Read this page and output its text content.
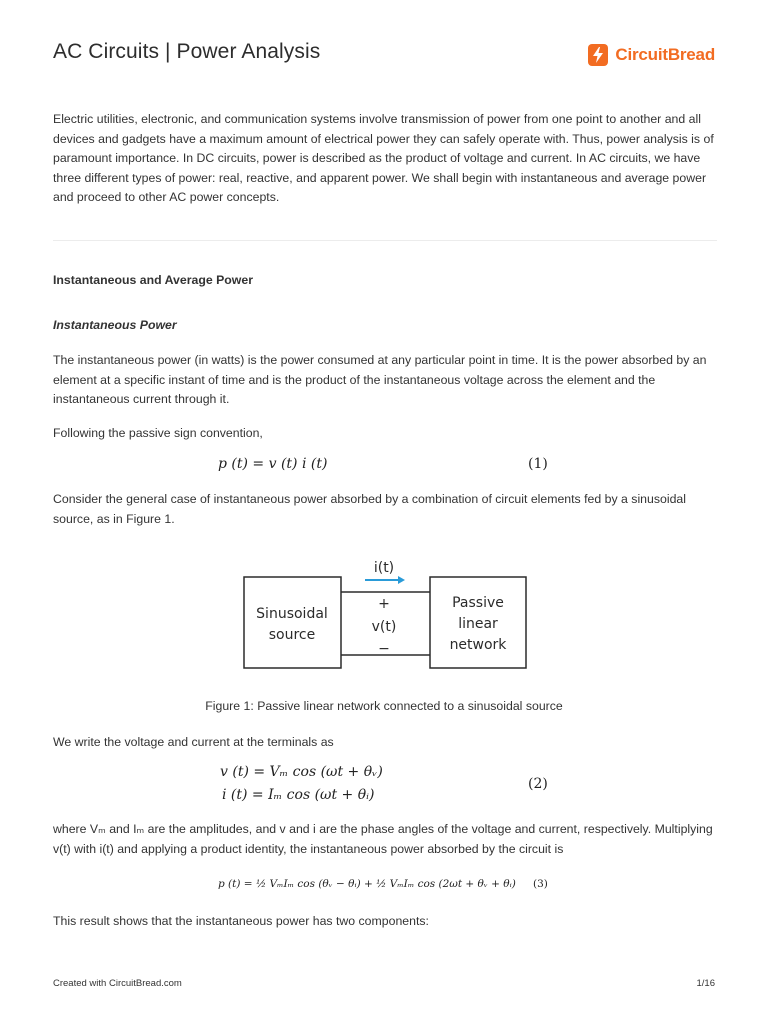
AC Circuits | Power Analysis	CircuitBread

Electric utilities, electronic, and communication systems involve transmission of power from one point to another and all devices and gadgets have a maximum amount of electrical power they can safely operate with. Thus, power analysis is of paramount importance. In DC circuits, power is described as the product of voltage and current. In AC circuits, we have three different types of power: real, reactive, and apparent power. We shall begin with instantaneous and average power and proceed to other AC power concepts.

Instantaneous and Average Power
Instantaneous Power

The instantaneous power (in watts) is the power consumed at any particular point in time. It is the power absorbed by an element at a specific instant of time and is the product of the instantaneous voltage across the element and the instantaneous current through it.

Following the passive sign convention,

p (t) = v (t) i (t)	(1)

Consider the general case of instantaneous power absorbed by a combination of circuit elements fed by a sinusoidal source, as in Figure 1.

i(t)
+
v(t)
−
Sinusoidal
source
Passive
linear
network
Figure 1: Passive linear network connected to a sinusoidal source

We write the voltage and current at the terminals as

v (t) = Vₘ cos (ωt + θᵥ)
i (t) = Iₘ cos (ωt + θᵢ)
(2)

where Vₘ and Iₘ are the amplitudes, and v and i are the phase angles of the voltage and current, respectively. Multiplying v(t) with i(t) and applying a product identity, the instantaneous power absorbed by the circuit is

p (t) = ½ VₘIₘ cos (θᵥ − θᵢ) + ½ VₘIₘ cos (2ωt + θᵥ + θᵢ) (3)

This result shows that the instantaneous power has two components:

Created with CircuitBread.com	1/16
